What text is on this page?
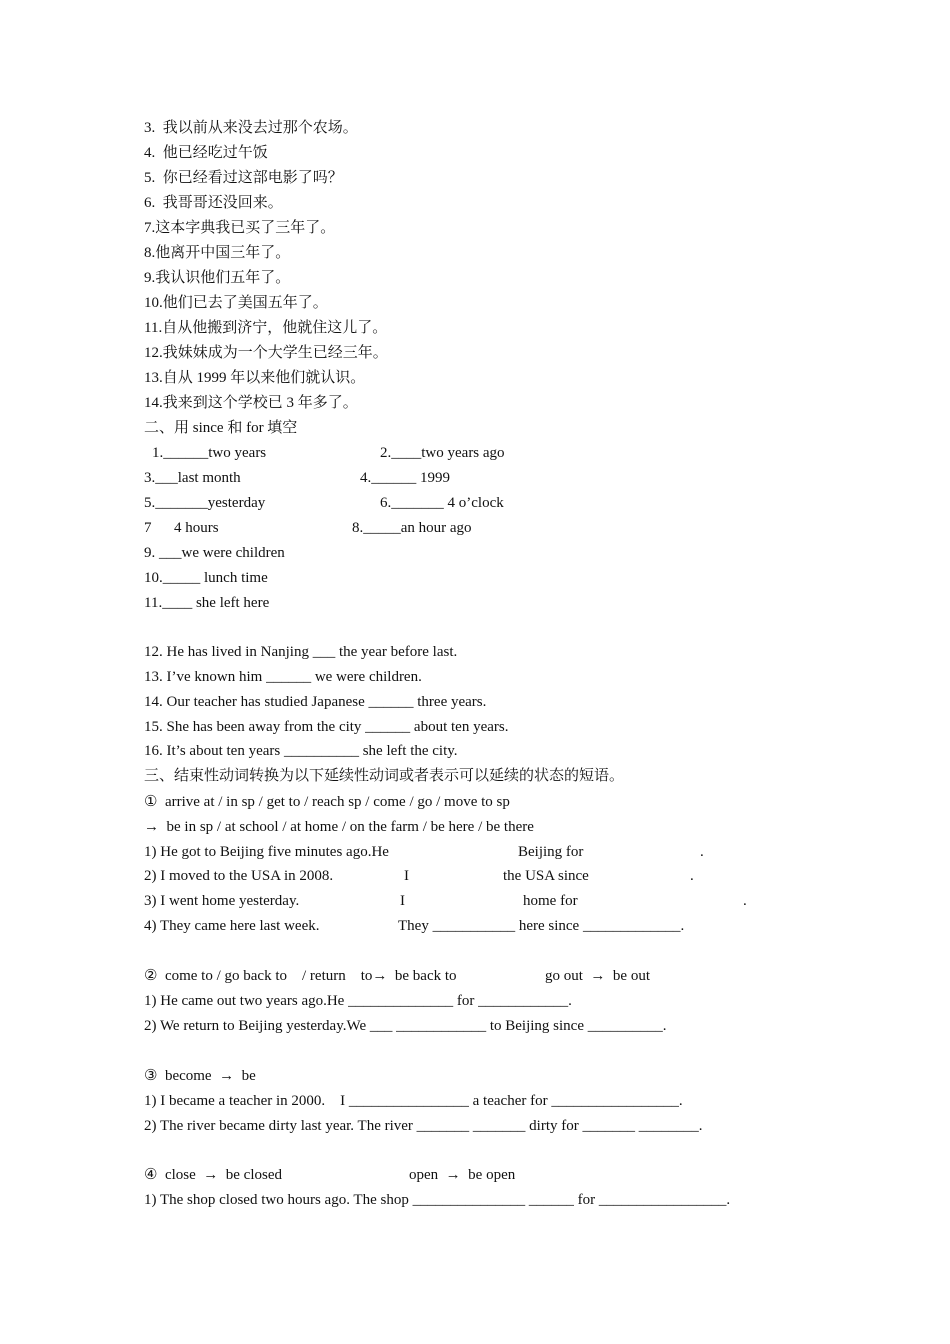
3.  我以前从来没去过那个农场。
4.  他已经吃过午饭
5.  你已经看过这部电影了吗？
6.  我哥哥还没回来。
7.这本字典我已买了三年了。
8.他离开中国三年了。
9.我认识他们五年了。
10.他们已去了美国五年了。
11.自从他搬到济宁，他就住这儿了。
12.我妹妹成为一个大学生已经三年。
13.自从 1999 年以来他们就认识。
14.我来到这个学校已 3 年多了。
二、用 since 和 for 填空
1.______two years	2.____two years ago
3.___last month	4.______ 1999
5._______yesterday	6._______ 4 o’clock
7      4 hours	8._____an hour ago
9. ___we were children
10._____ lunch time
11.____ she left here
12. He has lived in Nanjing ___ the year before last.
13. I’ve known him ______ we were children.
14. Our teacher has studied Japanese ______ three years.
15. She has been away from the city ______ about ten years.
16. It’s about ten years __________ she left the city.
三、结束性动词转换为以下延续性动词或者表示可以延续的状态的短语。
①  arrive at / in sp / get to / reach sp / come / go / move to sp
→  be in sp / at school / at home / on the farm / be here / be there
1) He got to Beijing five minutes ago.He	Beijing for	.
2) I moved to the USA in 2008.	I	the USA since	.
3) I went home yesterday.	I	home for	.
4) They came here last week.	They ___________ here since _____________.
②  come to / go back to    / return    to→  be back to	go out  →  be out
1) He came out two years ago.He ______________ for ____________.
2) We return to Beijing yesterday.We ___ ____________ to Beijing since __________.
③  become  →  be
1) I became a teacher in 2000.    I ________________ a teacher for _________________.
2) The river became dirty last year. The river _______ _______ dirty for _______ ________.
④  close  →  be closed	open  →  be open
1) The shop closed two hours ago. The shop _______________ ______ for _________________.
